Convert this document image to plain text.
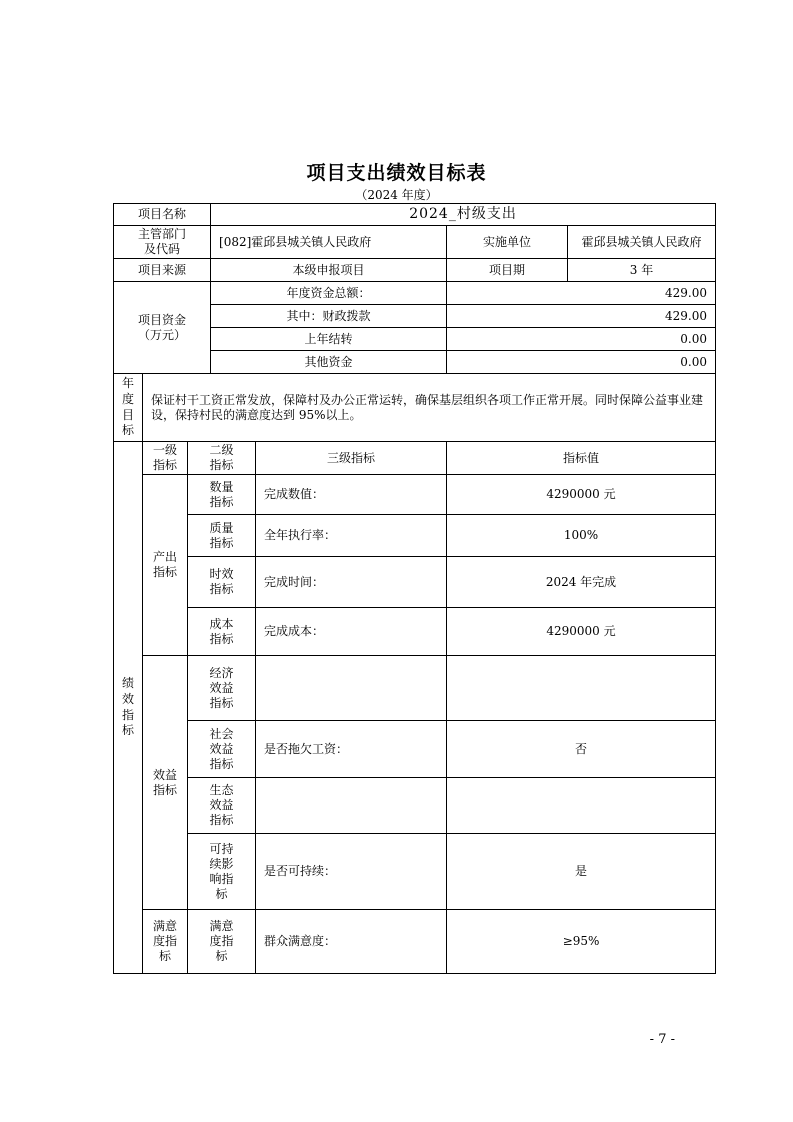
项目支出绩效目标表
（2024 年度）
项目名称			2024_村级支出			
主管部门及代码			[082]霍邱县城关镇人民政府		实施单位	霍邱县城关镇人民政府
项目来源			本级申报项目		项目期	3 年
项目资金（万元）			年度资金总额：		429.00	
			其中：财政拨款		429.00	
			上年结转		0.00	
			其他资金		0.00	
年度目标	保证村干工资正常发放，保障村及办公正常运转，确保基层组织各项工作正常开展。同时保障公益事业建设，保持村民的满意度达到 95%以上。					
绩效指标	一级指标	二级指标		三级指标	指标值	
	产出指标	数量指标		完成数值：	4290000 元	
		质量指标		全年执行率：	100%	
		时效指标		完成时间：	2024 年完成	
		成本指标		完成成本：	4290000 元	
	效益指标	经济效益指标				
		社会效益指标		是否拖欠工资：	否	
		生态效益指标				
		可持续影响指标		是否可持续：	是	
	满意度指标	满意度指标		群众满意度：	≥95%	
- 7 -
